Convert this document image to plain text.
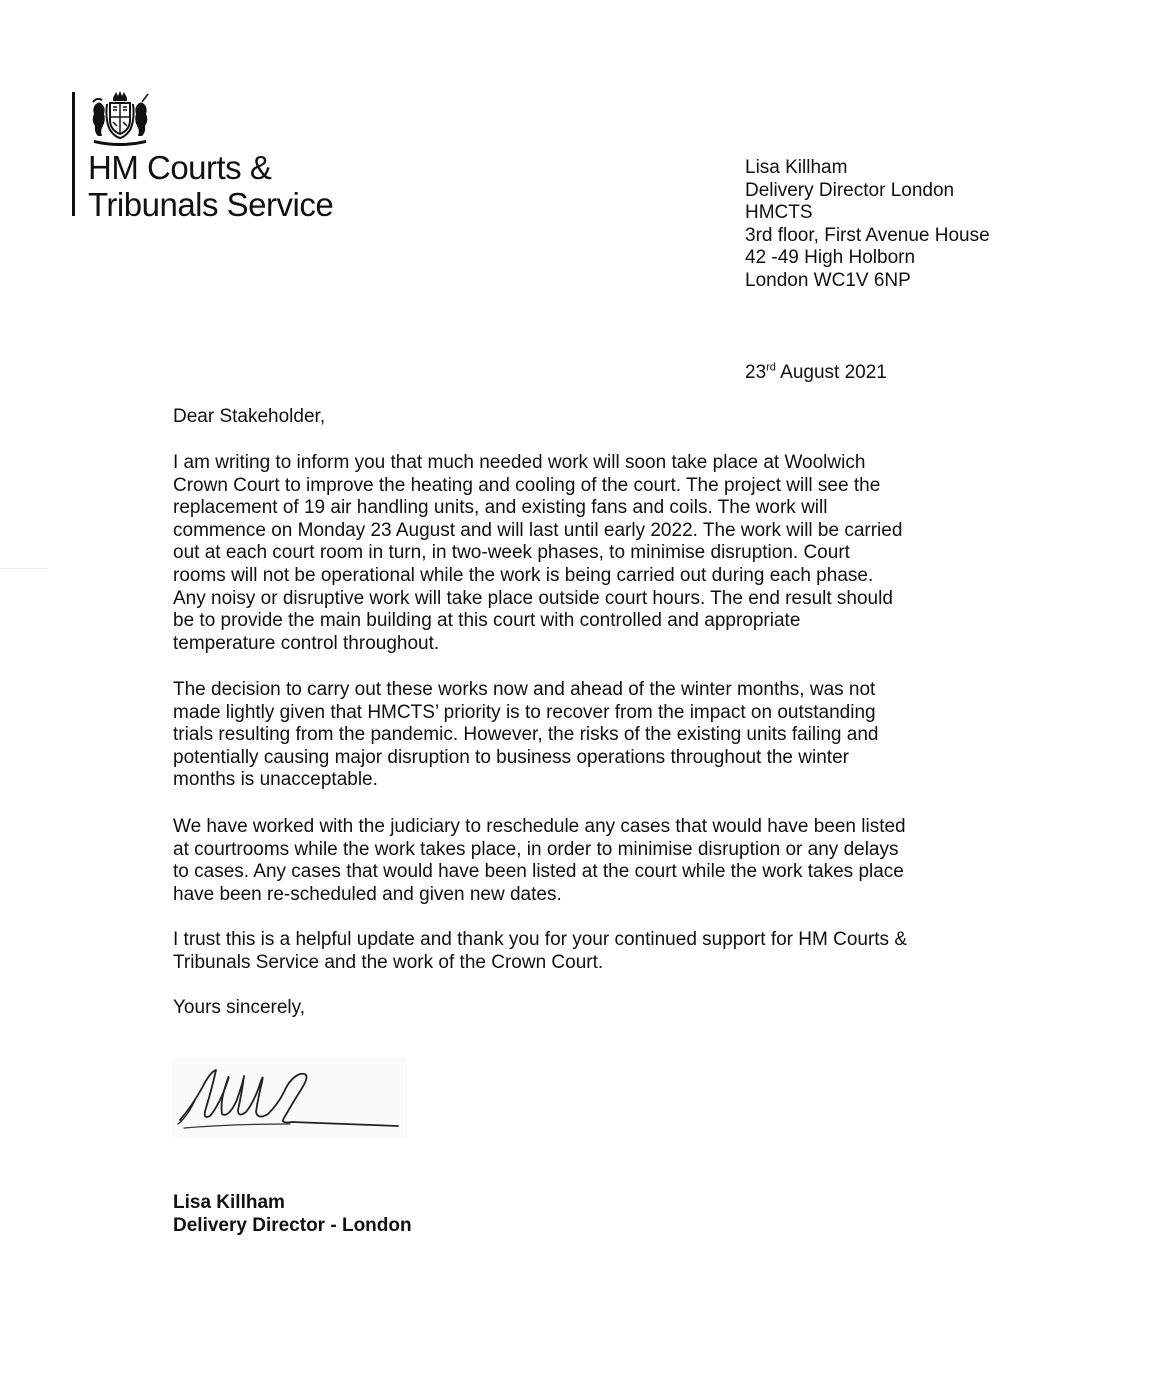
HM Courts &
Tribunals Service
Lisa Killham
Delivery Director London
HMCTS
3rd floor, First Avenue House
42 -49 High Holborn
London WC1V 6NP
23rd August 2021
Dear Stakeholder,
I am writing to inform you that much needed work will soon take place at Woolwich
Crown Court to improve the heating and cooling of the court. The project will see the
replacement of 19 air handling units, and existing fans and coils. The work will
commence on Monday 23 August and will last until early 2022. The work will be carried
out at each court room in turn, in two-week phases, to minimise disruption. Court
rooms will not be operational while the work is being carried out during each phase.
Any noisy or disruptive work will take place outside court hours. The end result should
be to provide the main building at this court with controlled and appropriate
temperature control throughout.
The decision to carry out these works now and ahead of the winter months, was not
made lightly given that HMCTS’ priority is to recover from the impact on outstanding
trials resulting from the pandemic. However, the risks of the existing units failing and
potentially causing major disruption to business operations throughout the winter
months is unacceptable.
We have worked with the judiciary to reschedule any cases that would have been listed
at courtrooms while the work takes place, in order to minimise disruption or any delays
to cases. Any cases that would have been listed at the court while the work takes place
have been re-scheduled and given new dates.
I trust this is a helpful update and thank you for your continued support for HM Courts &
Tribunals Service and the work of the Crown Court.
Yours sincerely,
Lisa Killham
Delivery Director - London
